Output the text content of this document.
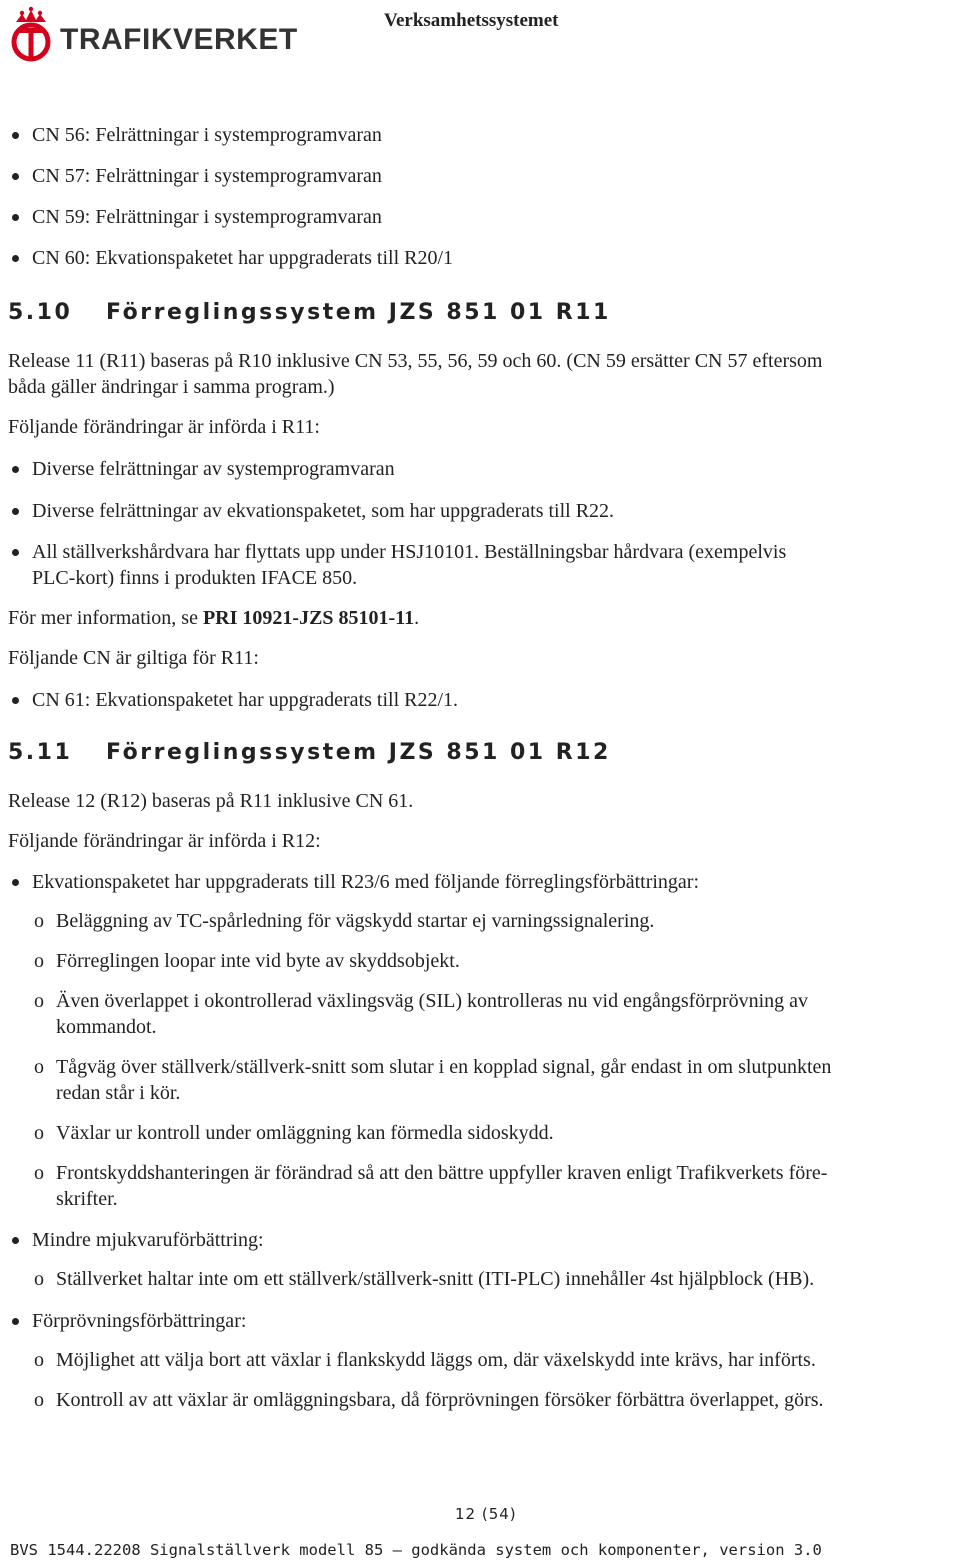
TRAFIKVERKET
Verksamhetssystemet
CN 56: Felrättningar i systemprogramvaran
CN 57: Felrättningar i systemprogramvaran
CN 59: Felrättningar i systemprogramvaran
CN 60: Ekvationspaketet har uppgraderats till R20/1
5.10 Förreglingssystem JZS 851 01 R11
Release 11 (R11) baseras på R10 inklusive CN 53, 55, 56, 59 och 60. (CN 59 ersätter CN 57 eftersom
båda gäller ändringar i samma program.)
Följande förändringar är införda i R11:
Diverse felrättningar av systemprogramvaran
Diverse felrättningar av ekvationspaketet, som har uppgraderats till R22.
All ställverkshårdvara har flyttats upp under HSJ10101. Beställningsbar hårdvara (exempelvis
PLC-kort) finns i produkten IFACE 850.
För mer information, se PRI 10921-JZS 85101-11.
Följande CN är giltiga för R11:
CN 61: Ekvationspaketet har uppgraderats till R22/1.
5.11 Förreglingssystem JZS 851 01 R12
Release 12 (R12) baseras på R11 inklusive CN 61.
Följande förändringar är införda i R12:
Ekvationspaketet har uppgraderats till R23/6 med följande förreglingsförbättringar:
o Beläggning av TC-spårledning för vägskydd startar ej varningssignalering.
o Förreglingen loopar inte vid byte av skyddsobjekt.
o Även överlappet i okontrollerad växlingsväg (SIL) kontrolleras nu vid engångsförprövning av
kommandot.
o Tågväg över ställverk/ställverk-snitt som slutar i en kopplad signal, går endast in om slutpunkten
redan står i kör.
o Växlar ur kontroll under omläggning kan förmedla sidoskydd.
o Frontskyddshanteringen är förändrad så att den bättre uppfyller kraven enligt Trafikverkets före-
skrifter.
Mindre mjukvaruförbättring:
o Ställverket haltar inte om ett ställverk/ställverk-snitt (ITI-PLC) innehåller 4st hjälpblock (HB).
Förprövningsförbättringar:
o Möjlighet att välja bort att växlar i flankskydd läggs om, där växelskydd inte krävs, har införts.
o Kontroll av att växlar är omläggningsbara, då förprövningen försöker förbättra överlappet, görs.
12 (54)
BVS 1544.22208 Signalställverk modell 85 – godkända system och komponenter, version 3.0
